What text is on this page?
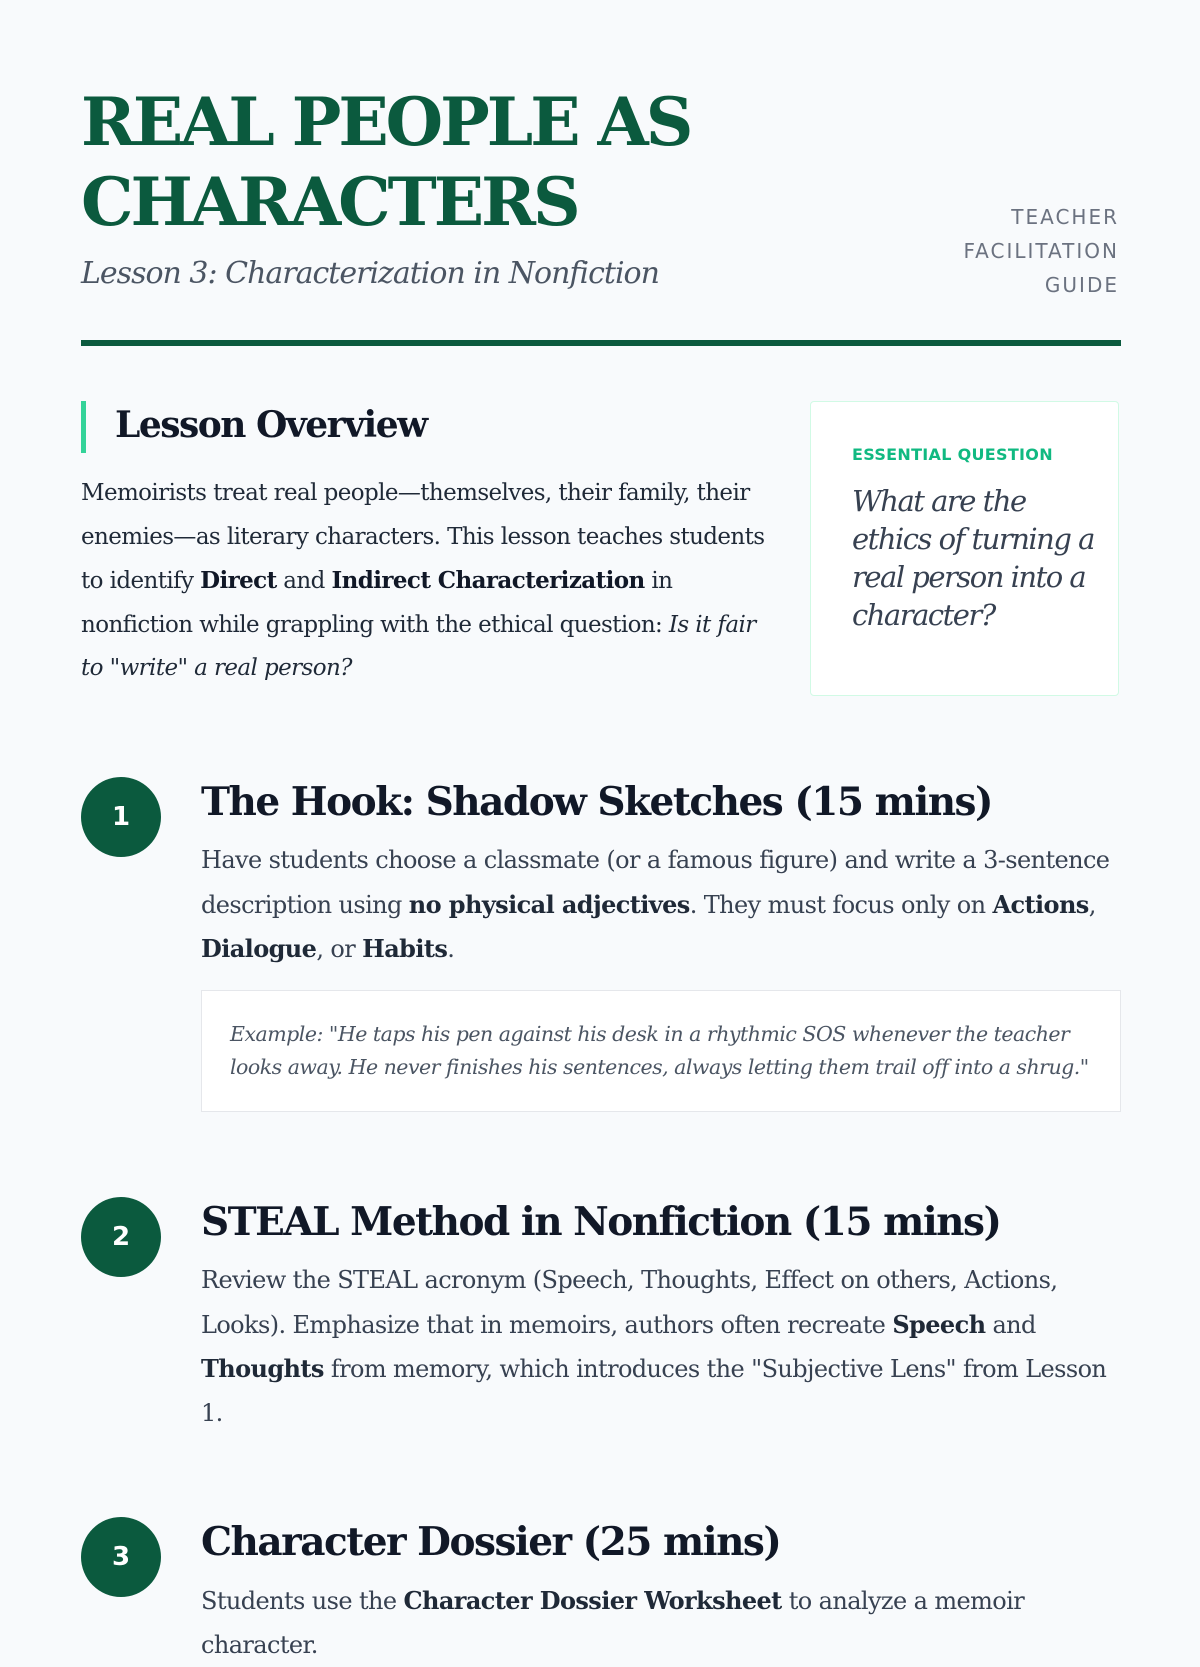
REAL PEOPLE AS CHARACTERS
Lesson 3: Characterization in Nonfiction
TEACHER
FACILITATION
GUIDE
Lesson Overview
Memoirists treat real people—themselves, their family, their enemies—as literary characters. This lesson teaches students to identify Direct and Indirect Characterization in nonfiction while grappling with the ethical question: Is it fair to "write" a real person?
ESSENTIAL QUESTION
What are the ethics of turning a real person into a character?
1	The Hook: Shadow Sketches (15 mins)
Have students choose a classmate (or a famous figure) and write a 3-sentence description using no physical adjectives. They must focus only on Actions, Dialogue, or Habits.
Example: "He taps his pen against his desk in a rhythmic SOS whenever the teacher looks away. He never finishes his sentences, always letting them trail off into a shrug."
2	STEAL Method in Nonfiction (15 mins)
Review the STEAL acronym (Speech, Thoughts, Effect on others, Actions, Looks). Emphasize that in memoirs, authors often recreate Speech and Thoughts from memory, which introduces the "Subjective Lens" from Lesson 1.
3	Character Dossier (25 mins)
Students use the Character Dossier Worksheet to analyze a memoir character.
